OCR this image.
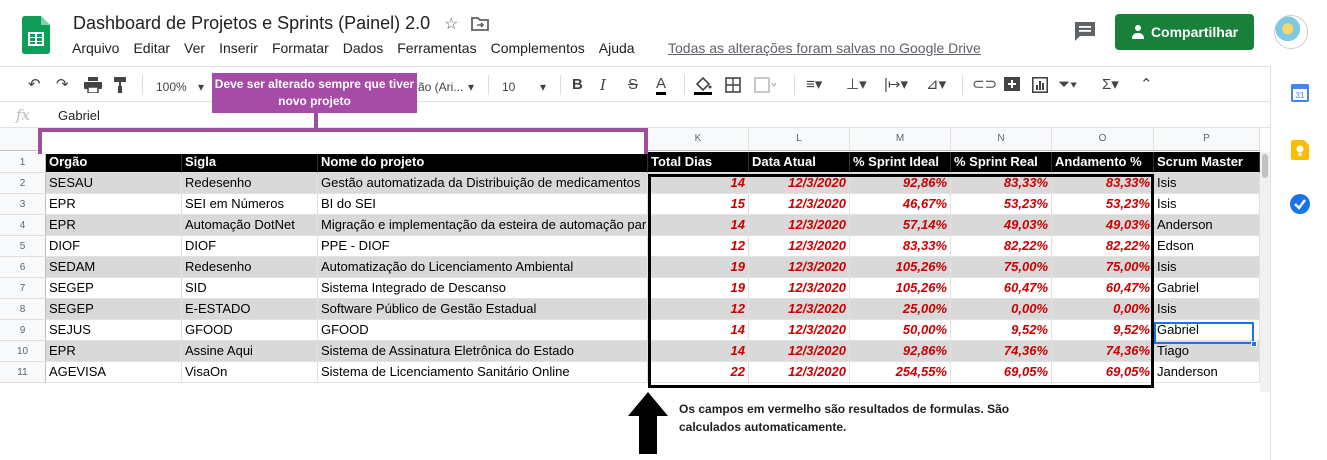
Dashboard de Projetos e Sprints (Painel) 2.0 ☆
Arquivo Editar Ver Inserir Formatar Dados Ferramentas Complementos Ajuda Todas as alterações foram salvas no Google Drive
Compartilhar
↶ ↷	100% ▾	ão (Ari... ▾ 10 ▾ B I S A	≡▾ ⊥▾ |↦▾ ⊿▾ ⊂⊃	⏷▾ Σ▾ ⌃
fx Gabriel
K	L	M	N	O	P
1	Orgão	Sigla	Nome do projeto	Total Dias	Data Atual	% Sprint Ideal	% Sprint Real	Andamento %	Scrum Master
2	SESAU	Redesenho	Gestão automatizada da Distribuição de medicamentos	14	12/3/2020	92,86%	83,33%	83,33% Isis
3	EPR	SEI em Números	BI do SEI	15	12/3/2020	46,67%	53,23%	53,23% Isis
4	EPR	Automação DotNet	Migração e implementação da esteira de automação par	14	12/3/2020	57,14%	49,03%	49,03% Anderson
5	DIOF	DIOF	PPE - DIOF	12	12/3/2020	83,33%	82,22%	82,22% Edson
6	SEDAM	Redesenho	Automatização do Licenciamento Ambiental	19	12/3/2020	105,26%	75,00%	75,00% Isis
7	SEGEP	SID	Sistema Integrado de Descanso	19	12/3/2020	105,26%	60,47%	60,47% Gabriel
8	SEGEP	E-ESTADO	Software Público de Gestão Estadual	12	12/3/2020	25,00%	0,00%	0,00% Isis
9	SEJUS	GFOOD	GFOOD	14	12/3/2020	50,00%	9,52%	9,52% Gabriel
10	EPR	Assine Aqui	Sistema de Assinatura Eletrônica do Estado	14	12/3/2020	92,86%	74,36%	74,36% Tiago
11	AGEVISA	VisaOn	Sistema de Licenciamento Sanitário Online	22	12/3/2020	254,55%	69,05%	69,05% Janderson
31
Deve ser alterado sempre que tiver novo projeto
Os campos em vermelho são resultados de formulas. São calculados automaticamente.
